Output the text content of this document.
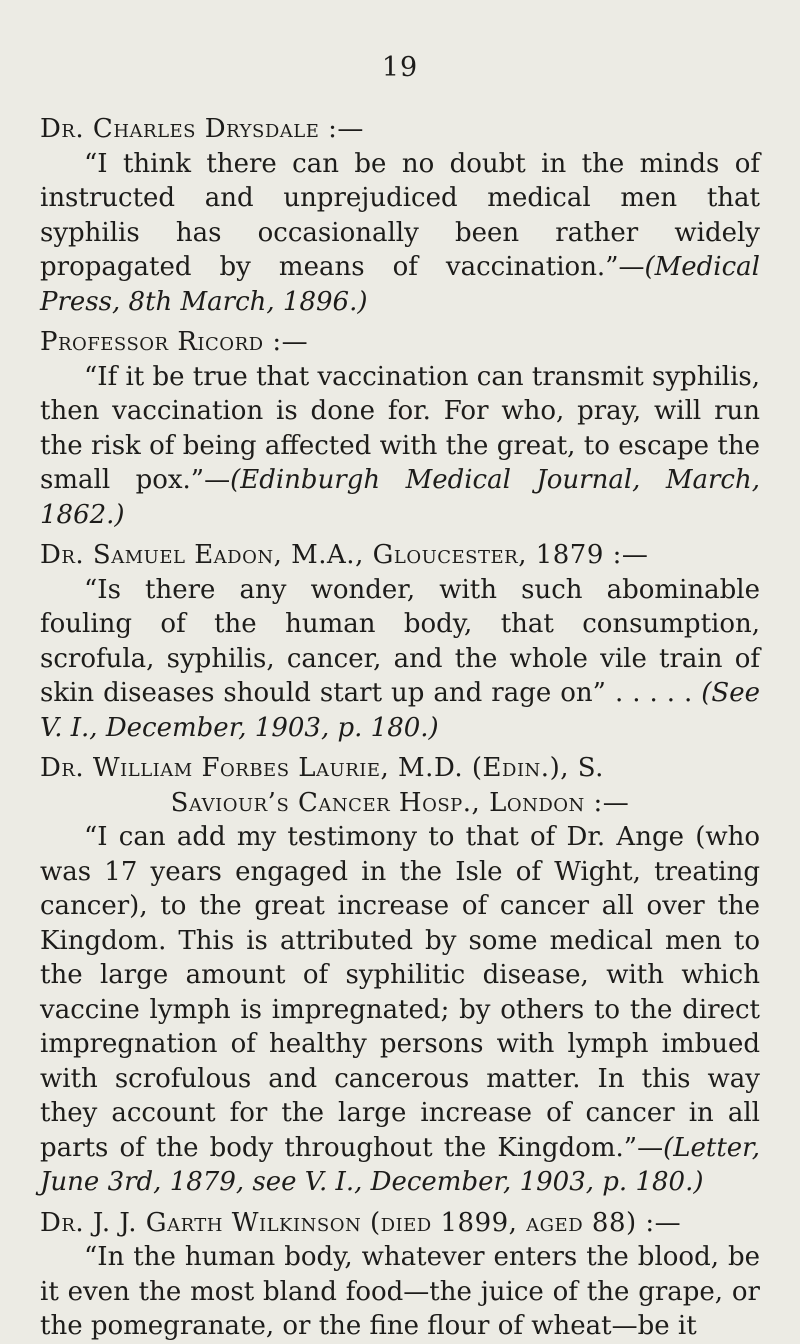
19

Dr. Charles Drysdale :—

“I think there can be no doubt in the minds of instructed and unprejudiced medical men that syphilis has occasionally been rather widely propagated by means of vaccination.”—(Medical Press, 8th March, 1896.)

Professor Ricord :—

“If it be true that vaccination can transmit syphilis, then vaccination is done for. For who, pray, will run the risk of being affected with the great, to escape the small pox.”—(Edinburgh Medical Journal, March, 1862.)

Dr. Samuel Eadon, M.A., Gloucester, 1879 :—

“Is there any wonder, with such abominable fouling of the human body, that consumption, scrofula, syphilis, cancer, and the whole vile train of skin diseases should start up and rage on” . . . . . (See V. I., December, 1903, p. 180.)

Dr. William Forbes Laurie, M.D. (Edin.), S.

Saviour’s Cancer Hosp., London :—

“I can add my testimony to that of Dr. Ange (who was 17 years engaged in the Isle of Wight, treating cancer), to the great increase of cancer all over the Kingdom. This is attributed by some medical men to the large amount of syphilitic disease, with which vaccine lymph is impregnated; by others to the direct impregnation of healthy persons with lymph imbued with scrofulous and cancerous matter. In this way they account for the large increase of cancer in all parts of the body throughout the Kingdom.”—(Letter, June 3rd, 1879, see V. I., December, 1903, p. 180.)

Dr. J. J. Garth Wilkinson (died 1899, aged 88) :—

“In the human body, whatever enters the blood, be it even the most bland food—the juice of the grape, or the pomegranate, or the fine flour of wheat—be it
